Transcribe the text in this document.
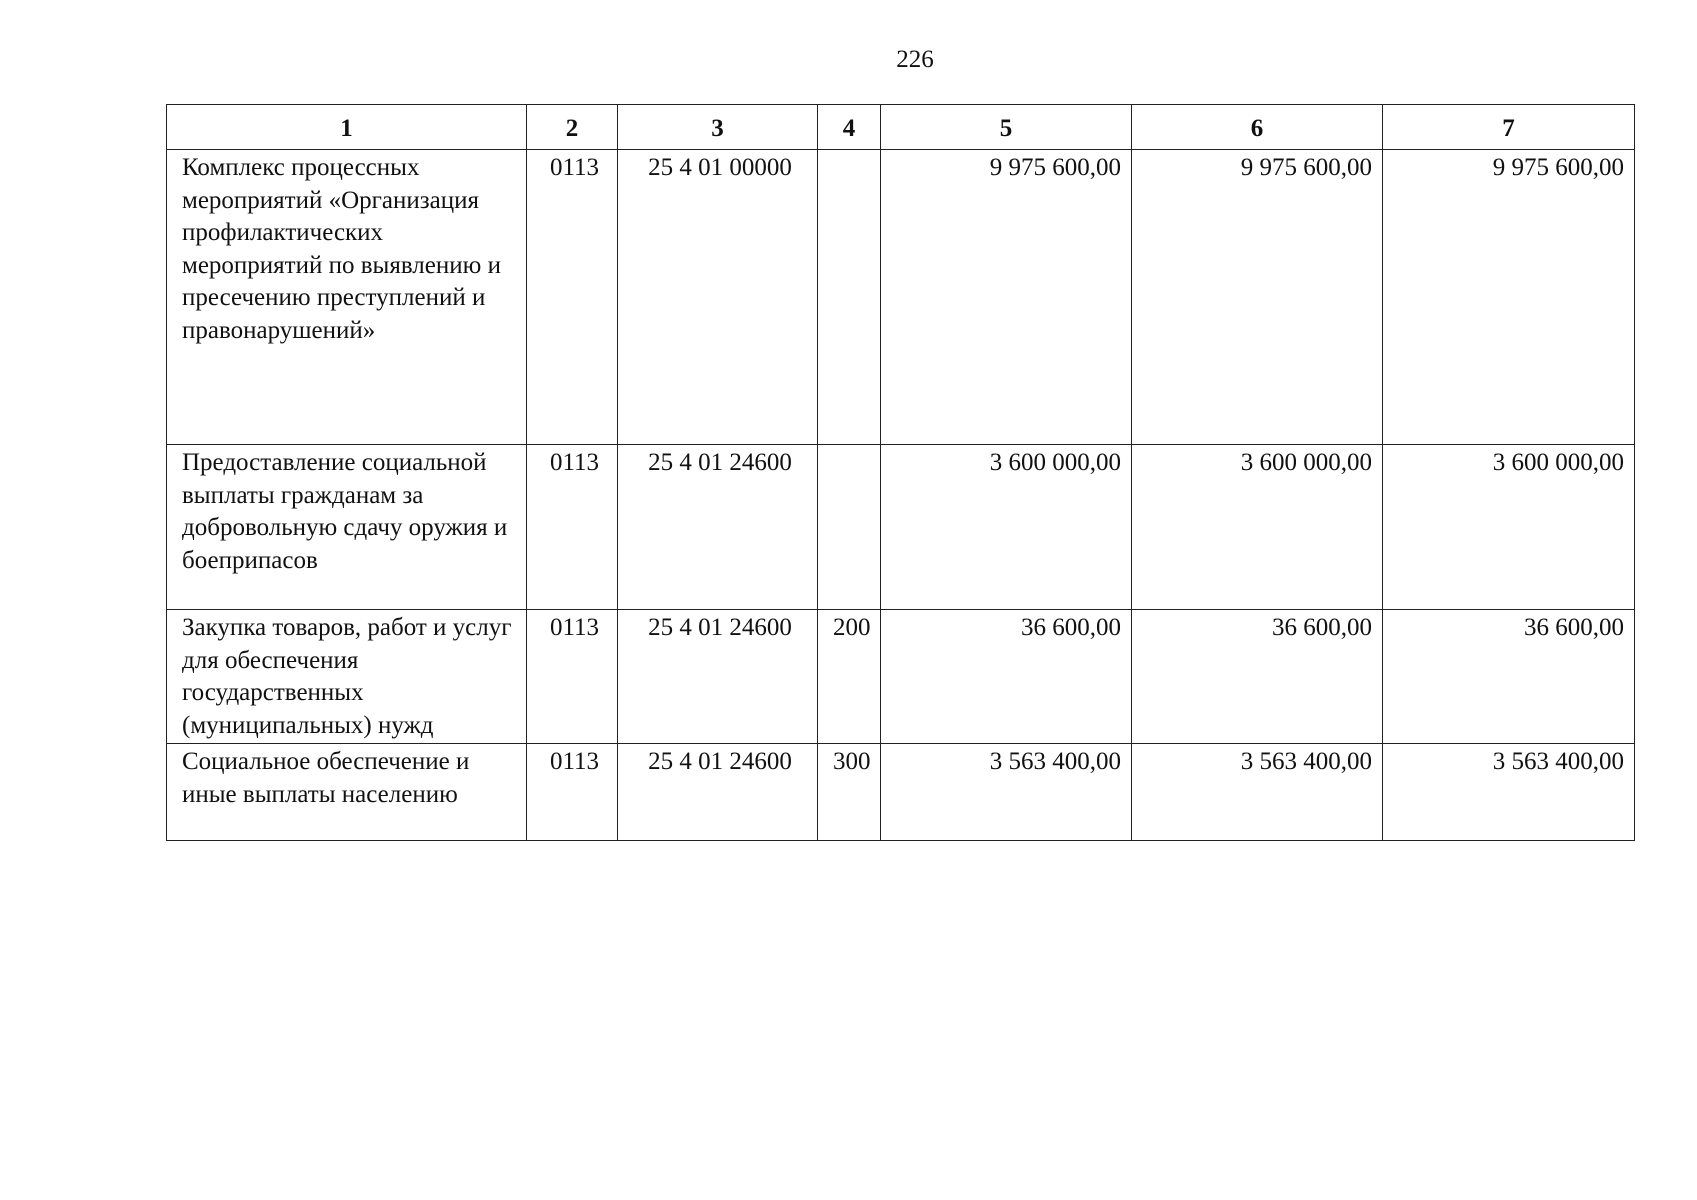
226
1	2	3	4	5	6	7
Комплекс процессных мероприятий «Организация профилактических мероприятий по выявлению и пресечению преступлений и правонарушений»	0113	25 4 01 00000		9 975 600,00	9 975 600,00	9 975 600,00
Предоставление социальной выплаты гражданам за добровольную сдачу оружия и боеприпасов	0113	25 4 01 24600		3 600 000,00	3 600 000,00	3 600 000,00
Закупка товаров, работ и услуг для обеспечения государственных (муниципальных) нужд	0113	25 4 01 24600	200	36 600,00	36 600,00	36 600,00
Социальное обеспечение и иные выплаты населению	0113	25 4 01 24600	300	3 563 400,00	3 563 400,00	3 563 400,00
